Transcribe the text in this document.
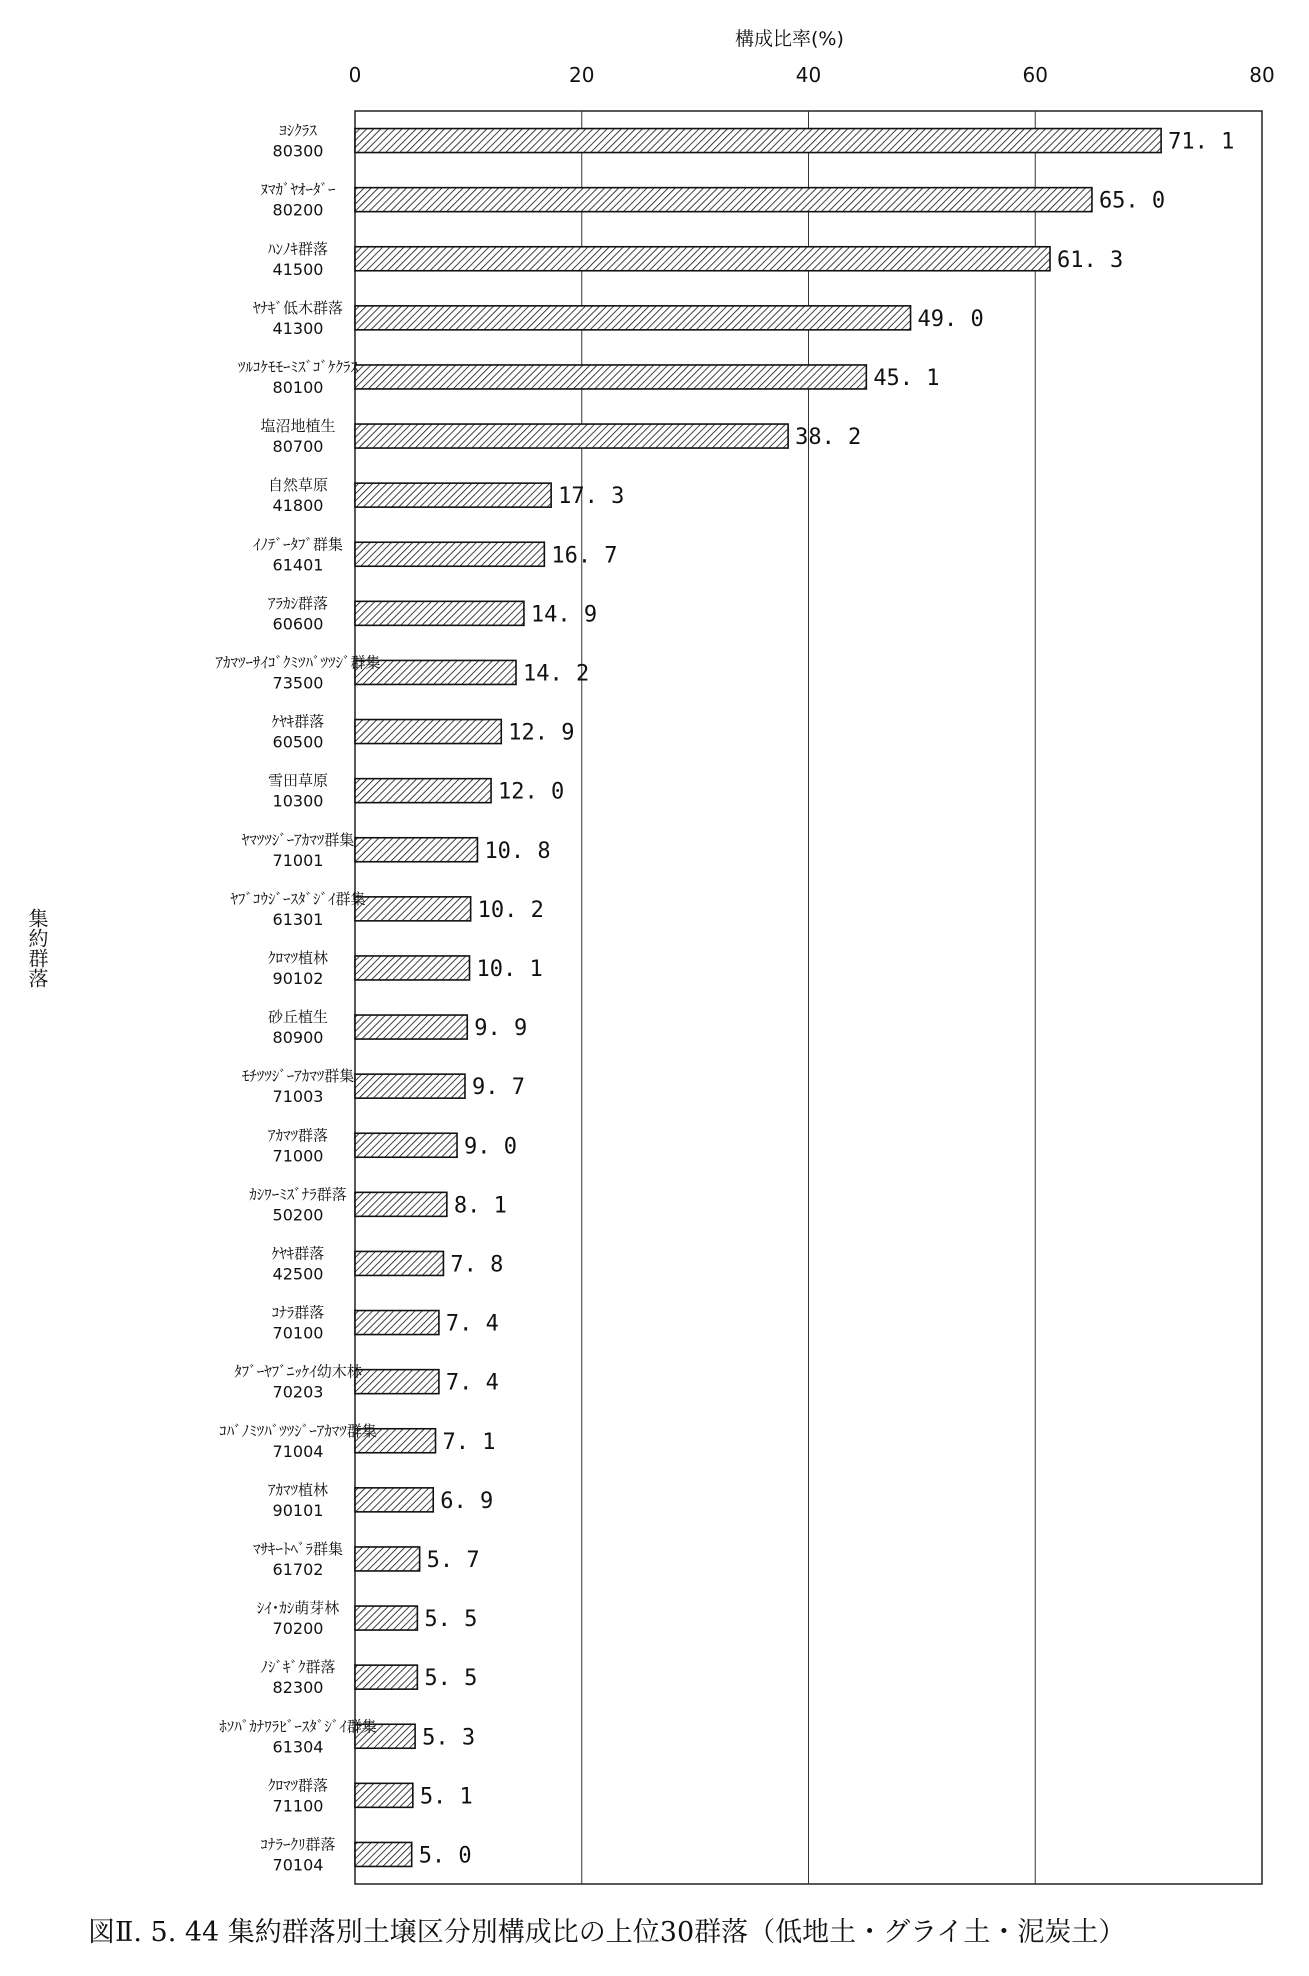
0	20	40	60	80
71. 1
65. 0
61. 3
49. 0
45. 1
38. 2
17. 3
16. 7
14. 9
14. 2
12. 9
12. 0
10. 8
10. 2
10. 1
9. 9
9. 7
9. 0
8. 1
7. 8
7. 4
7. 4
7. 1
6. 9
5. 7
5. 5
5. 5
5. 3
5. 1
5. 0
ﾖｼｸﾗｽ
80300
ﾇﾏｶﾞﾔｵｰﾀﾞｰ
80200
ﾊﾝﾉｷ群落
41500
ﾔﾅｷﾞ低木群落
41300
ﾂﾙｺｹﾓﾓｰﾐｽﾞｺﾞｹｸﾗｽ
80100
塩沼地植生
80700
自然草原
41800
ｲﾉﾃﾞｰﾀﾌﾞ群集
61401
ｱﾗｶｼ群落
60600
ｱｶﾏﾂｰｻｲｺﾞｸﾐﾂﾊﾞﾂﾂｼﾞ群集
73500
ｹﾔｷ群落
60500
雪田草原
10300
ﾔﾏﾂﾂｼﾞｰｱｶﾏﾂ群集
71001
ﾔﾌﾞｺｳｼﾞｰｽﾀﾞｼﾞｲ群集
61301
ｸﾛﾏﾂ植林
90102
砂丘植生
80900
ﾓﾁﾂﾂｼﾞｰｱｶﾏﾂ群集
71003
ｱｶﾏﾂ群落
71000
ｶｼﾜｰﾐｽﾞﾅﾗ群落
50200
ｹﾔｷ群落
42500
ｺﾅﾗ群落
70100
ﾀﾌﾞｰﾔﾌﾞﾆｯｹｲ幼木林
70203
ｺﾊﾞﾉﾐﾂﾊﾞﾂﾂｼﾞｰｱｶﾏﾂ群集
71004
ｱｶﾏﾂ植林
90101
ﾏｻｷｰﾄﾍﾞﾗ群集
61702
ｼｲ･ｶｼ萌芽林
70200
ﾉｼﾞｷﾞｸ群落
82300
ﾎｿﾊﾞｶﾅﾜﾗﾋﾞｰｽﾀﾞｼﾞｲ群集
61304
ｸﾛﾏﾂ群落
71100
ｺﾅﾗｰｸﾘ群落
70104
構成比率(%)
集約群落
図Ⅱ. 5. 44 集約群落別土壌区分別構成比の上位30群落（低地土・グライ土・泥炭土）
